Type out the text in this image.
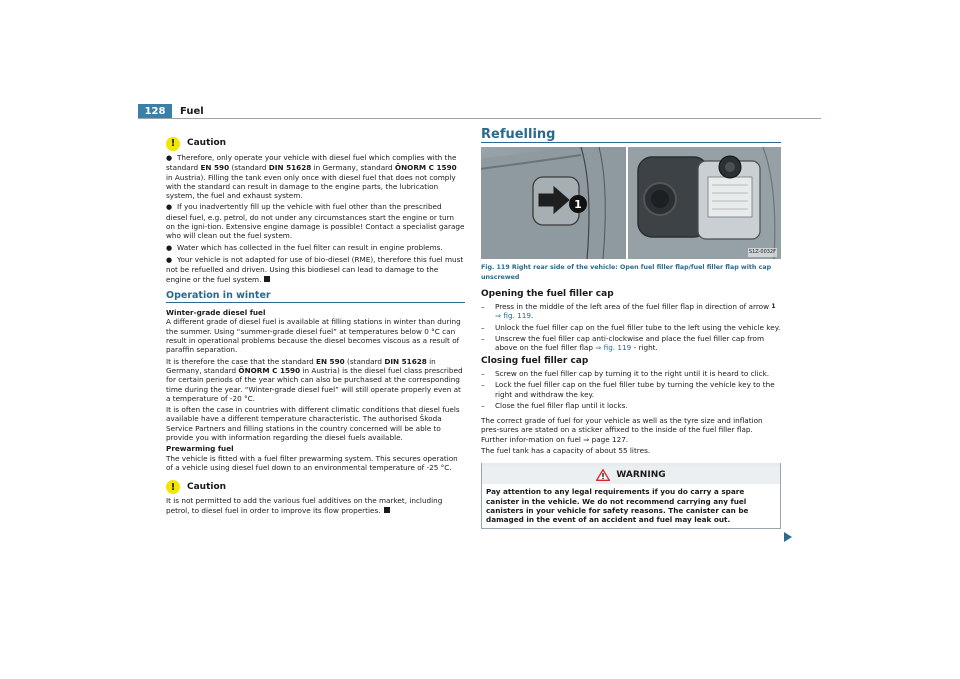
128	Fuel
!	Caution

● Therefore, only operate your vehicle with diesel fuel which complies with the standard EN 590 (standard DIN 51628 in Germany, standard ÖNORM C 1590 in Austria). Filling the tank even only once with diesel fuel that does not comply with the standard can result in damage to the engine parts, the lubrication system, the fuel and exhaust system.

● If you inadvertently fill up the vehicle with fuel other than the prescribed diesel fuel, e.g. petrol, do not under any circumstances start the engine or turn on the igni-tion. Extensive engine damage is possible! Contact a specialist garage who will clean out the fuel system.

● Water which has collected in the fuel filter can result in engine problems.

● Your vehicle is not adapted for use of bio-diesel (RME), therefore this fuel must not be refuelled and driven. Using this biodiesel can lead to damage to the engine or the fuel system.

Operation in winter
Winter-grade diesel fuel

A different grade of diesel fuel is available at filling stations in winter than during the summer. Using “summer-grade diesel fuel” at temperatures below 0 °C can result in operational problems because the diesel becomes viscous as a result of paraffin separation.

It is therefore the case that the standard EN 590 (standard DIN 51628 in Germany, standard ÖNORM C 1590 in Austria) is the diesel fuel class prescribed for certain periods of the year which can also be purchased at the corresponding time during the year. “Winter-grade diesel fuel” will still operate properly even at a temperature of -20 °C.

It is often the case in countries with different climatic conditions that diesel fuels available have a different temperature characteristic. The authorised Škoda Service Partners and filling stations in the country concerned will be able to provide you with information regarding the diesel fuels available.

Prewarming fuel

The vehicle is fitted with a fuel filter prewarming system. This secures operation of a vehicle using diesel fuel down to an environmental temperature of -25 °C.

!	Caution

It is not permitted to add the various fuel additives on the market, including petrol, to diesel fuel in order to improve its flow properties.

Refuelling
1
S1Z-0032F
Fig. 119 Right rear side of the vehicle: Open fuel filler flap/fuel filler flap with cap unscrewed
Opening the fuel filler cap
– Press in the middle of the left area of the fuel filler flap in direction of arrow 1
⇒ fig. 119.
– Unlock the fuel filler cap on the fuel filler tube to the left using the vehicle key.
– Unscrew the fuel filler cap anti-clockwise and place the fuel filler cap from above on the fuel filler flap ⇒ fig. 119 - right.
Closing fuel filler cap
– Screw on the fuel filler cap by turning it to the right until it is heard to click.
– Lock the fuel filler cap on the fuel filler tube by turning the vehicle key to the right and withdraw the key.
– Close the fuel filler flap until it locks.

The correct grade of fuel for your vehicle as well as the tyre size and inflation pres-sures are stated on a sticker affixed to the inside of the fuel filler flap. Further infor-mation on fuel ⇒ page 127.

The fuel tank has a capacity of about 55 litres.

WARNING
Pay attention to any legal requirements if you do carry a spare canister in the vehicle. We do not recommend carrying any fuel canisters in your vehicle for safety reasons. The canister can be damaged in the event of an accident and fuel may leak out.
